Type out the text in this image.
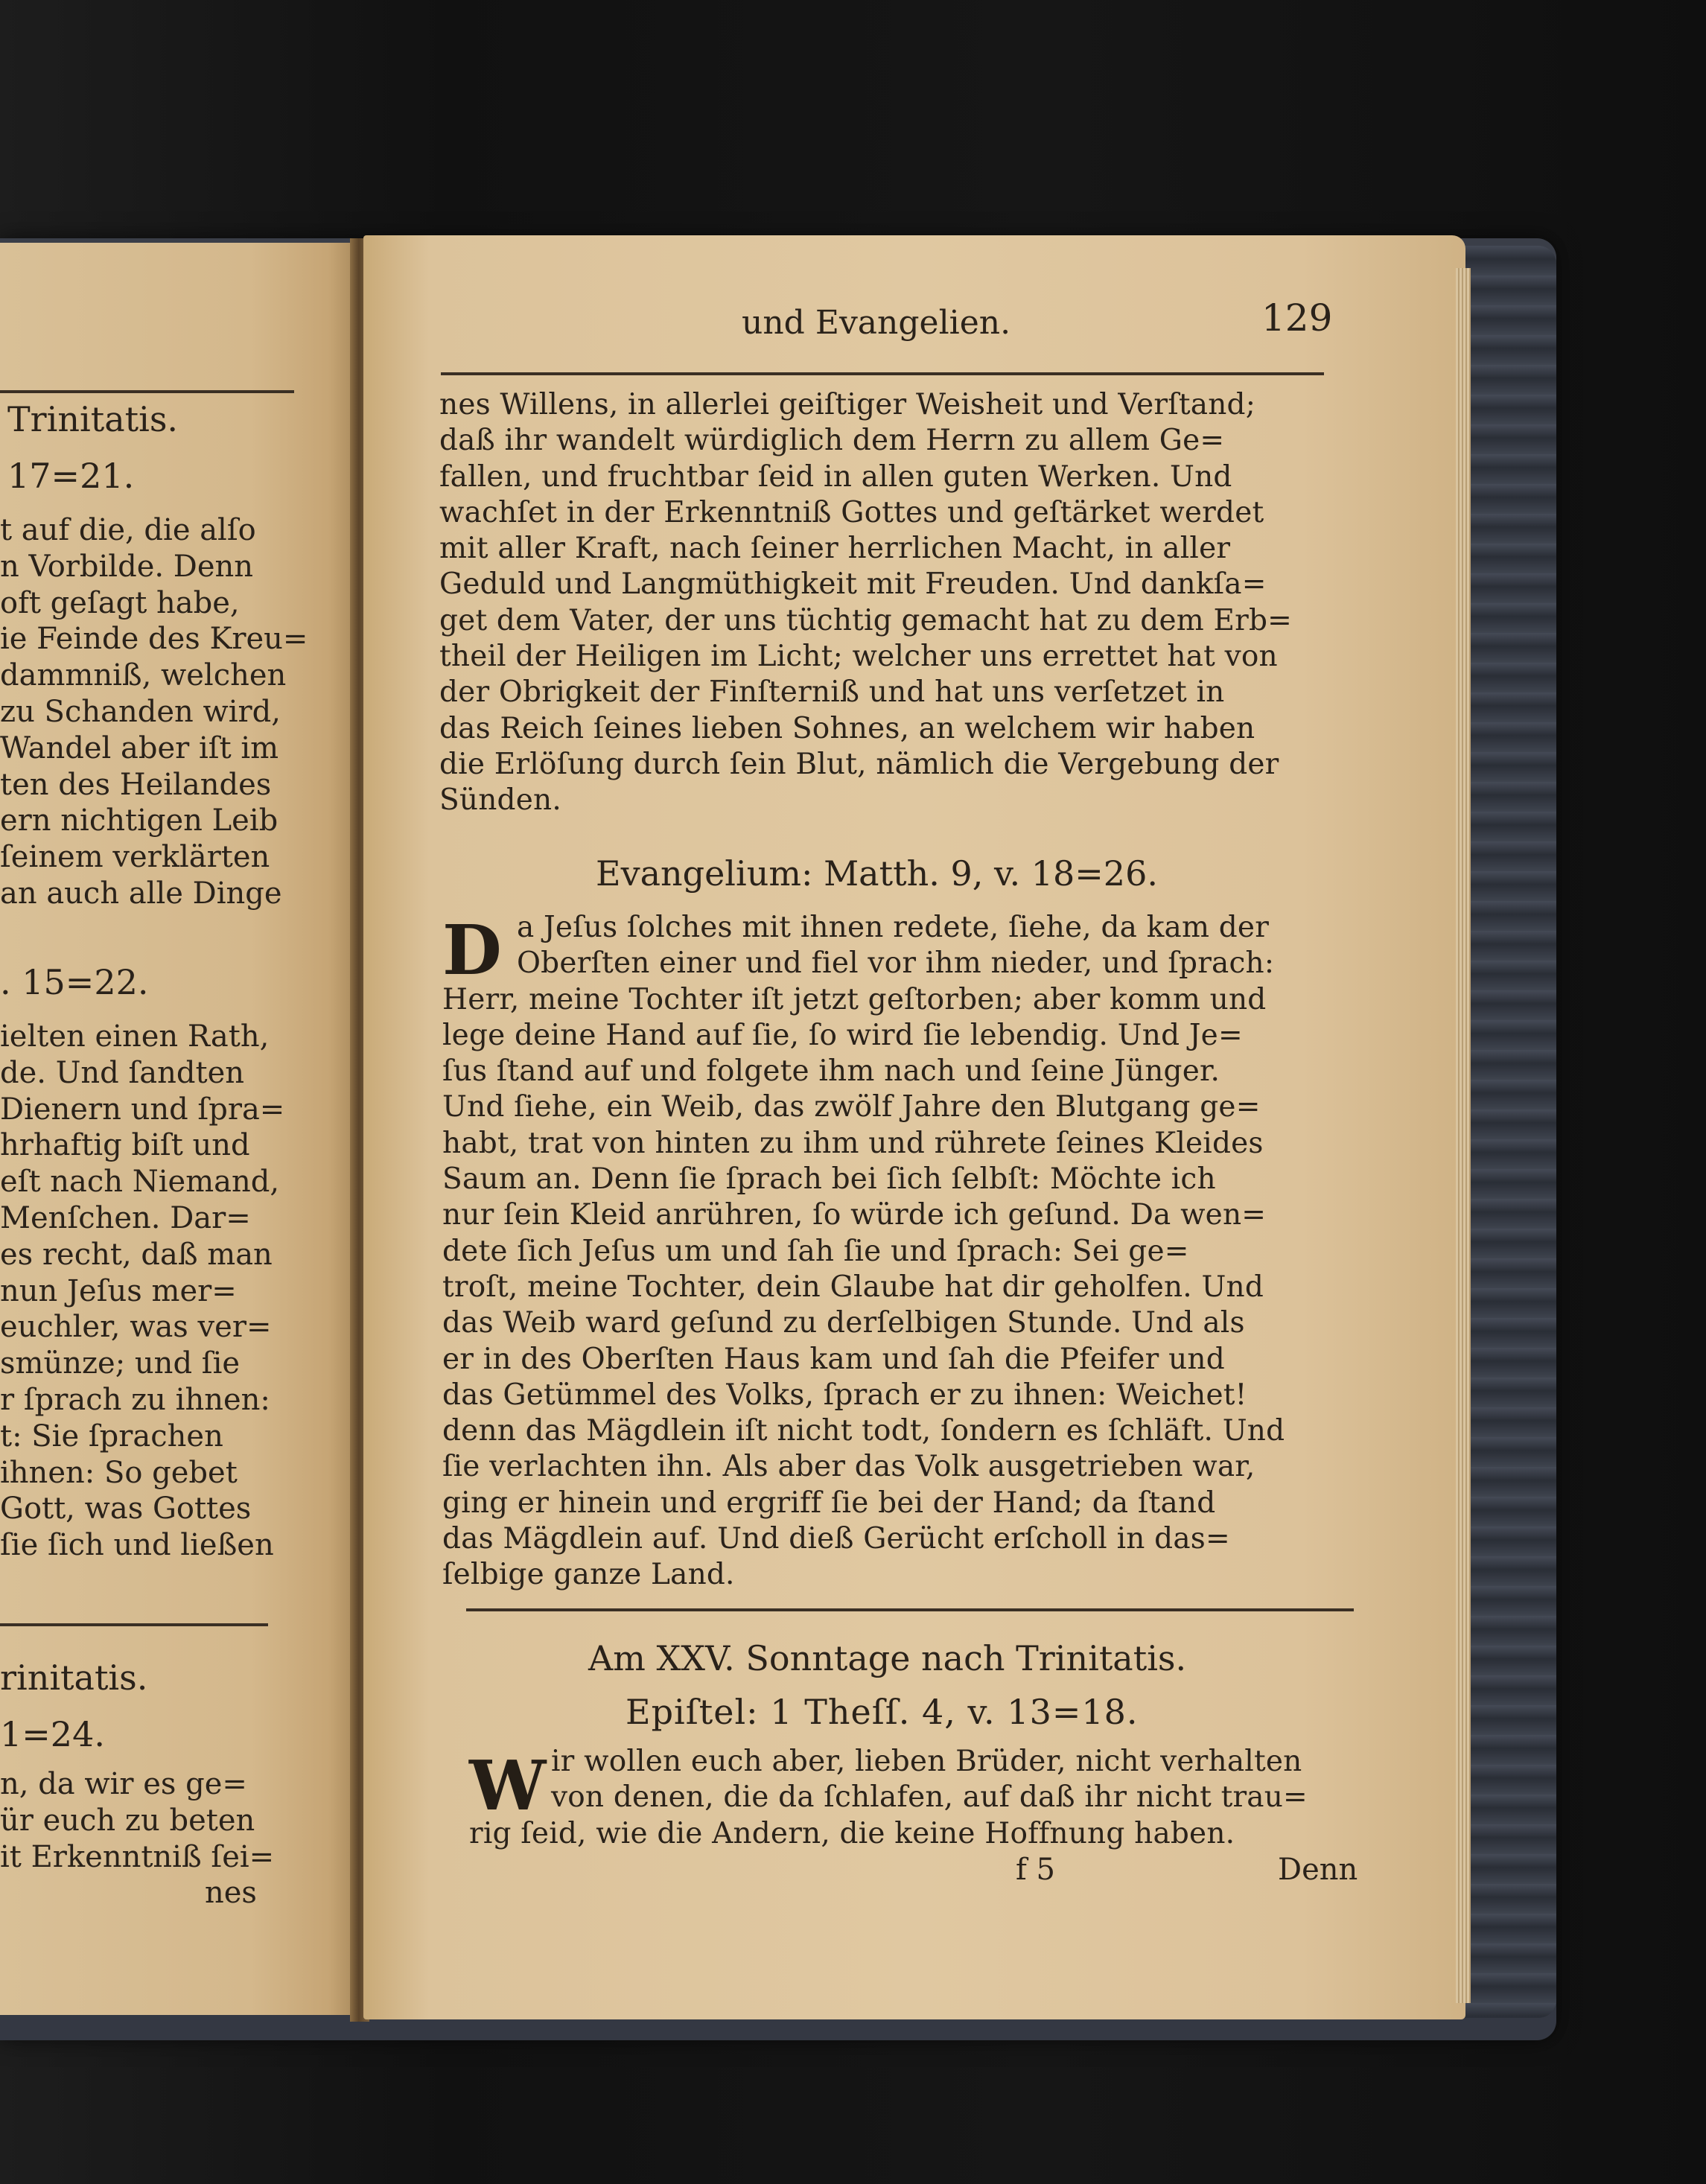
Trinitatis.
17=21.
t auf die, die alſo
n Vorbilde. Denn
oft geſagt habe,
ie Feinde des Kreu=
dammniß, welchen
zu Schanden wird,
Wandel aber iſt im
ten des Heilandes
ern nichtigen Leib
ſeinem verklärten
an auch alle Dinge
. 15=22.
ielten einen Rath,
de. Und ſandten
Dienern und ſpra=
hrhaftig biſt und
eſt nach Niemand,
Menſchen. Dar=
es recht, daß man
nun Jeſus mer=
euchler, was ver=
smünze; und ſie
r ſprach zu ihnen:
t: Sie ſprachen
ihnen: So gebet
Gott, was Gottes
ſie ſich und ließen
rinitatis.
1=24.
n, da wir es ge=
ür euch zu beten
it Erkenntniß ſei=
nes
und Evangelien.	129
nes Willens, in allerlei geiſtiger Weisheit und Verſtand;
daß ihr wandelt würdiglich dem Herrn zu allem Ge=
fallen, und fruchtbar ſeid in allen guten Werken. Und
wachſet in der Erkenntniß Gottes und geſtärket werdet
mit aller Kraft, nach ſeiner herrlichen Macht, in aller
Geduld und Langmüthigkeit mit Freuden. Und dankſa=
get dem Vater, der uns tüchtig gemacht hat zu dem Erb=
theil der Heiligen im Licht; welcher uns errettet hat von
der Obrigkeit der Finſterniß und hat uns verſetzet in
das Reich ſeines lieben Sohnes, an welchem wir haben
die Erlöſung durch ſein Blut, nämlich die Vergebung der
Sünden.
Evangelium: Matth. 9, v. 18=26.
D a Jeſus ſolches mit ihnen redete, ſiehe, da kam der
Oberſten einer und fiel vor ihm nieder, und ſprach:
Herr, meine Tochter iſt jetzt geſtorben; aber komm und
lege deine Hand auf ſie, ſo wird ſie lebendig. Und Je=
ſus ſtand auf und folgete ihm nach und ſeine Jünger.
Und ſiehe, ein Weib, das zwölf Jahre den Blutgang ge=
habt, trat von hinten zu ihm und rührete ſeines Kleides
Saum an. Denn ſie ſprach bei ſich ſelbſt: Möchte ich
nur ſein Kleid anrühren, ſo würde ich geſund. Da wen=
dete ſich Jeſus um und ſah ſie und ſprach: Sei ge=
troſt, meine Tochter, dein Glaube hat dir geholfen. Und
das Weib ward geſund zu derſelbigen Stunde. Und als
er in des Oberſten Haus kam und ſah die Pfeifer und
das Getümmel des Volks, ſprach er zu ihnen: Weichet!
denn das Mägdlein iſt nicht todt, ſondern es ſchläft. Und
ſie verlachten ihn. Als aber das Volk ausgetrieben war,
ging er hinein und ergriff ſie bei der Hand; da ſtand
das Mägdlein auf. Und dieß Gerücht erſcholl in das=
ſelbige ganze Land.
Am XXV. Sonntage nach Trinitatis.
Epiſtel: 1 Theſſ. 4, v. 13=18.
W ir wollen euch aber, lieben Brüder, nicht verhalten
von denen, die da ſchlafen, auf daß ihr nicht trau=
rig ſeid, wie die Andern, die keine Hoffnung haben.
f 5	Denn
